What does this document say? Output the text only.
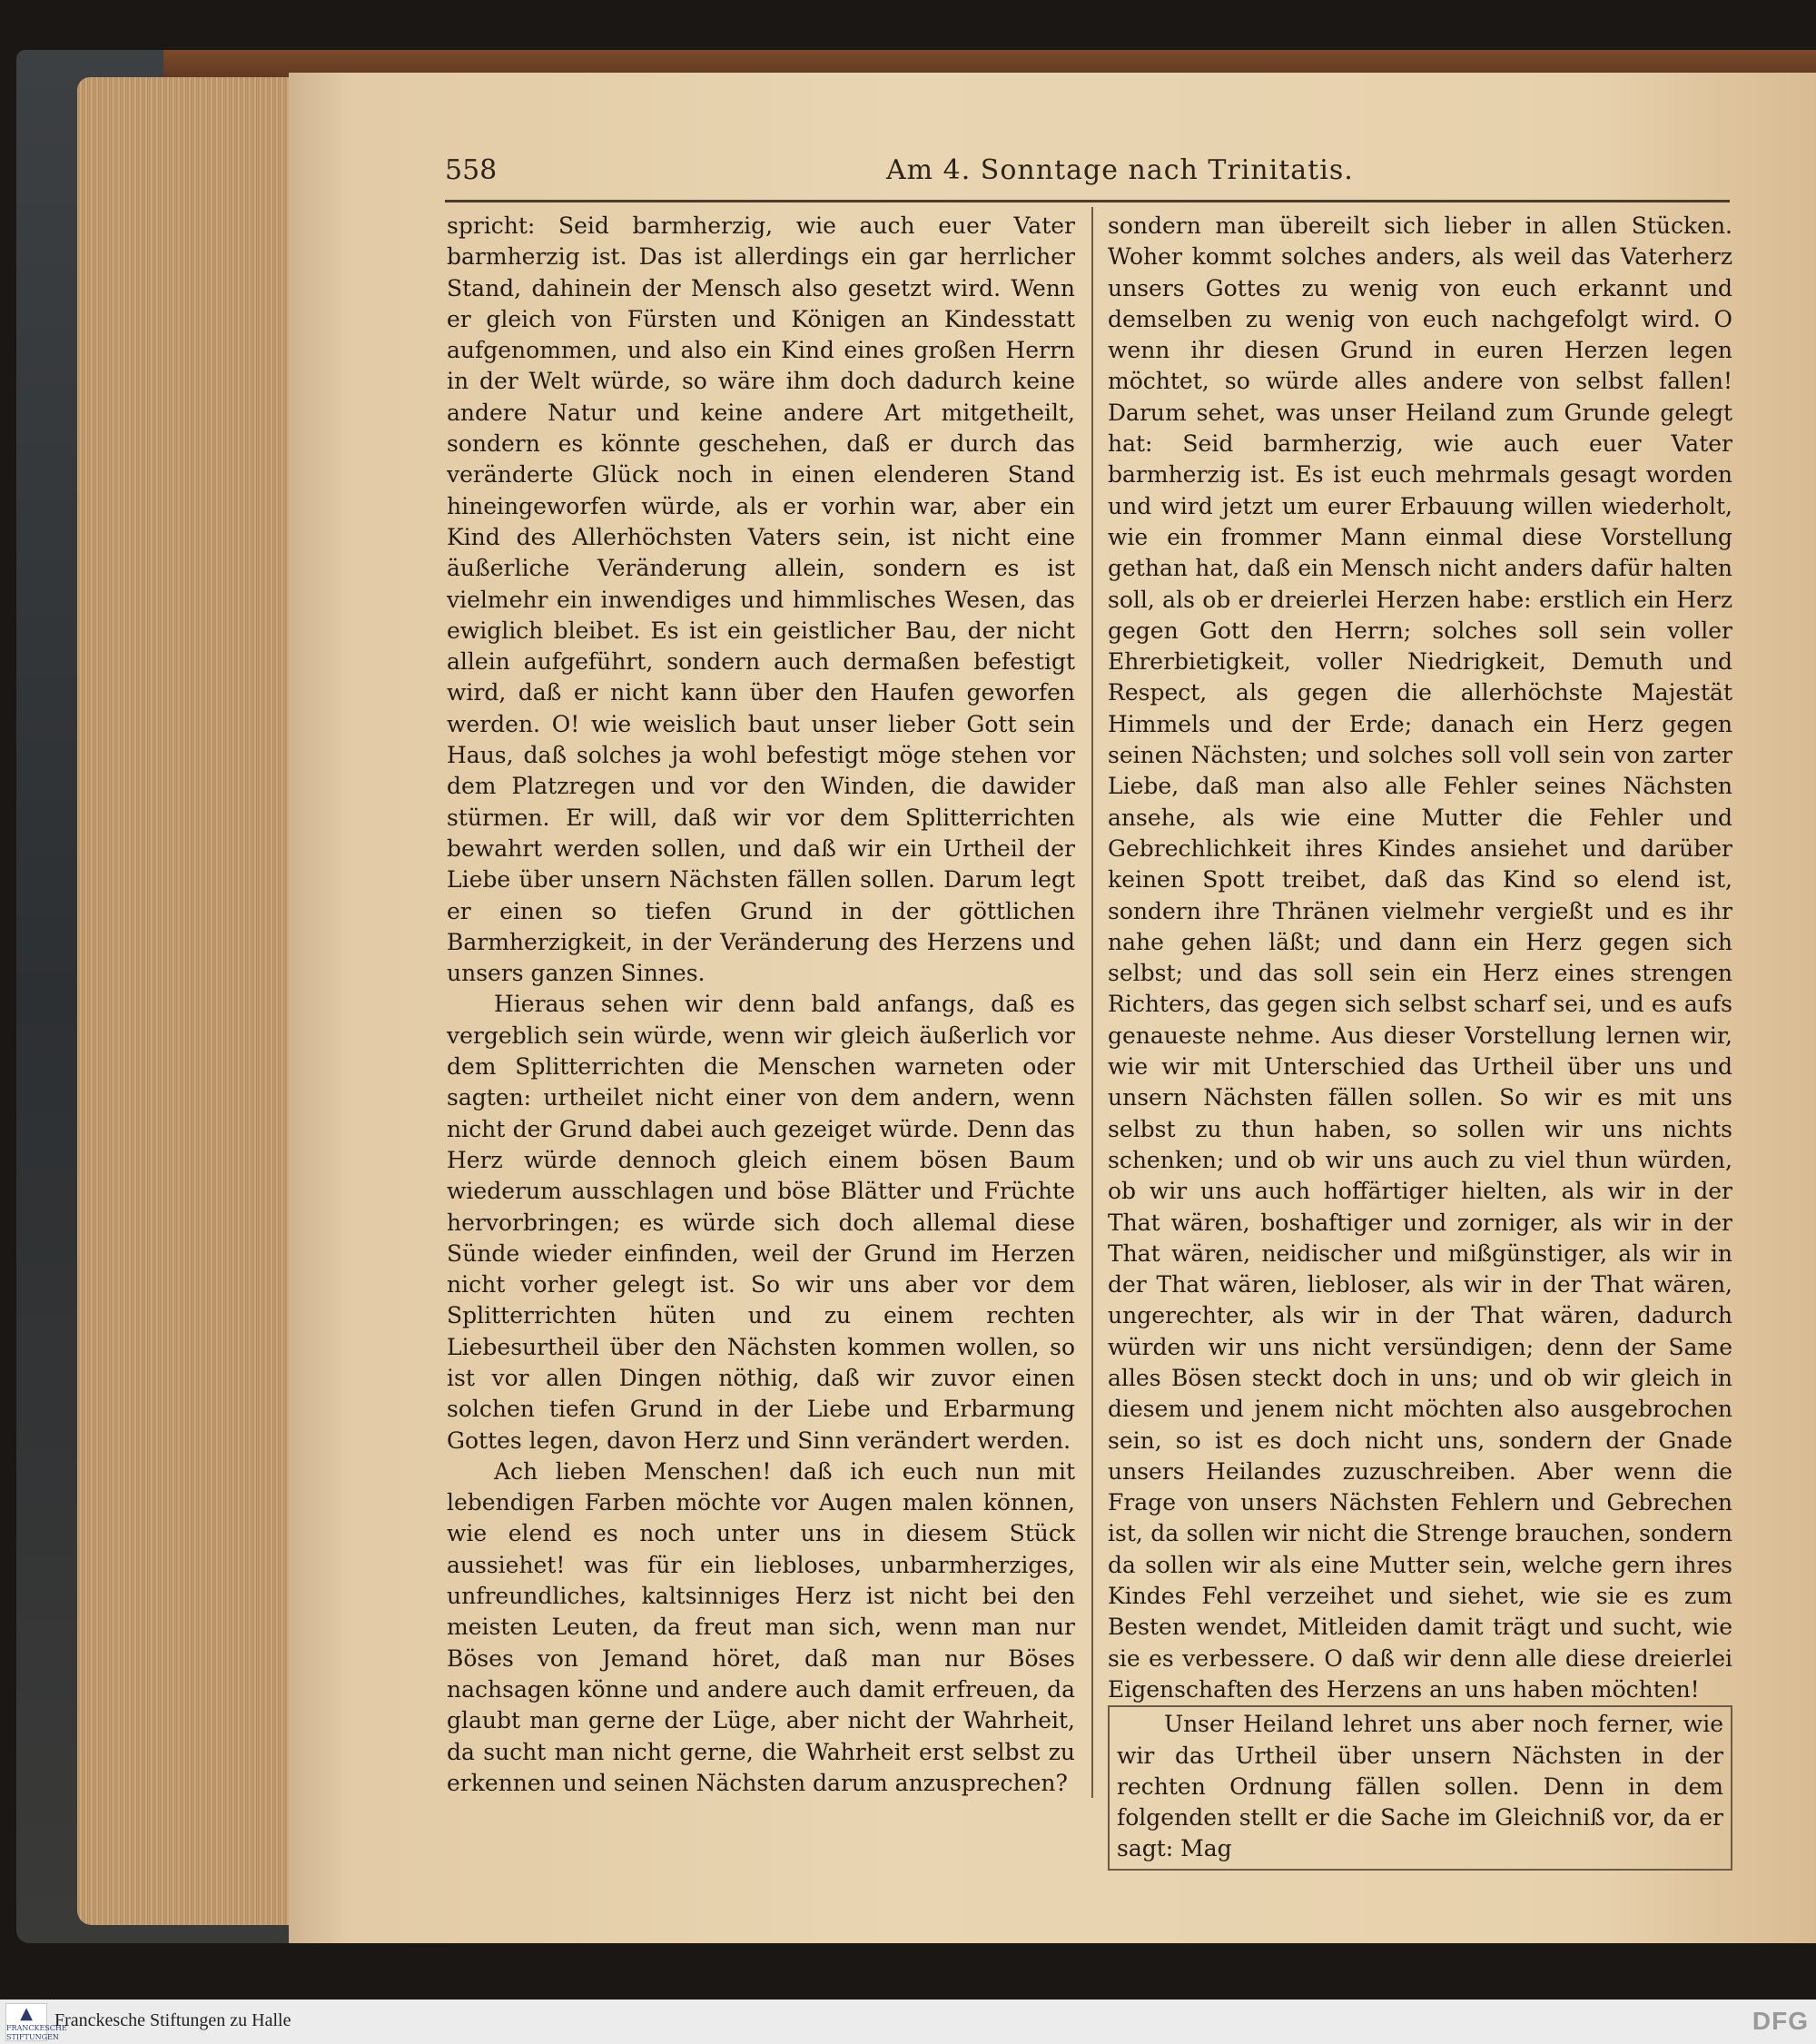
558	Am 4. Sonntage nach Trinitatis.

spricht: Seid barmherzig, wie auch euer Vater barmherzig ist. Das ist allerdings ein gar herrlicher Stand, dahinein der Mensch also gesetzt wird. Wenn er gleich von Fürsten und Königen an Kindesstatt aufgenommen, und also ein Kind eines großen Herrn in der Welt würde, so wäre ihm doch dadurch keine andere Natur und keine andere Art mitgetheilt, sondern es könnte geschehen, daß er durch das veränderte Glück noch in einen elenderen Stand hineingeworfen würde, als er vorhin war, aber ein Kind des Allerhöchsten Vaters sein, ist nicht eine äußerliche Veränderung allein, sondern es ist vielmehr ein inwendiges und himmlisches Wesen, das ewiglich bleibet. Es ist ein geistlicher Bau, der nicht allein aufgeführt, sondern auch dermaßen befestigt wird, daß er nicht kann über den Haufen geworfen werden. O! wie weislich baut unser lieber Gott sein Haus, daß solches ja wohl befestigt möge stehen vor dem Platzregen und vor den Winden, die dawider stürmen. Er will, daß wir vor dem Splitterrichten bewahrt werden sollen, und daß wir ein Urtheil der Liebe über unsern Nächsten fällen sollen. Darum legt er einen so tiefen Grund in der göttlichen Barmherzigkeit, in der Veränderung des Herzens und unsers ganzen Sinnes.

Hieraus sehen wir denn bald anfangs, daß es vergeblich sein würde, wenn wir gleich äußerlich vor dem Splitterrichten die Menschen warneten oder sagten: urtheilet nicht einer von dem andern, wenn nicht der Grund dabei auch gezeiget würde. Denn das Herz würde dennoch gleich einem bösen Baum wiederum ausschlagen und böse Blätter und Früchte hervorbringen; es würde sich doch allemal diese Sünde wieder einfinden, weil der Grund im Herzen nicht vorher gelegt ist. So wir uns aber vor dem Splitterrichten hüten und zu einem rechten Liebesurtheil über den Nächsten kommen wollen, so ist vor allen Dingen nöthig, daß wir zuvor einen solchen tiefen Grund in der Liebe und Erbarmung Gottes legen, davon Herz und Sinn verändert werden.

Ach lieben Menschen! daß ich euch nun mit lebendigen Farben möchte vor Augen malen können, wie elend es noch unter uns in diesem Stück aussiehet! was für ein liebloses, unbarmherziges, unfreundliches, kaltsinniges Herz ist nicht bei den meisten Leuten, da freut man sich, wenn man nur Böses von Jemand höret, daß man nur Böses nachsagen könne und andere auch damit erfreuen, da glaubt man gerne der Lüge, aber nicht der Wahrheit, da sucht man nicht gerne, die Wahrheit erst selbst zu erkennen und seinen Nächsten darum anzusprechen?

sondern man übereilt sich lieber in allen Stücken. Woher kommt solches anders, als weil das Vaterherz unsers Gottes zu wenig von euch erkannt und demselben zu wenig von euch nachgefolgt wird. O wenn ihr diesen Grund in euren Herzen legen möchtet, so würde alles andere von selbst fallen! Darum sehet, was unser Heiland zum Grunde gelegt hat: Seid barmherzig, wie auch euer Vater barmherzig ist. Es ist euch mehrmals gesagt worden und wird jetzt um eurer Erbauung willen wiederholt, wie ein frommer Mann einmal diese Vorstellung gethan hat, daß ein Mensch nicht anders dafür halten soll, als ob er dreierlei Herzen habe: erstlich ein Herz gegen Gott den Herrn; solches soll sein voller Ehrerbietigkeit, voller Niedrigkeit, Demuth und Respect, als gegen die allerhöchste Majestät Himmels und der Erde; danach ein Herz gegen seinen Nächsten; und solches soll voll sein von zarter Liebe, daß man also alle Fehler seines Nächsten ansehe, als wie eine Mutter die Fehler und Gebrechlichkeit ihres Kindes ansiehet und darüber keinen Spott treibet, daß das Kind so elend ist, sondern ihre Thränen vielmehr vergießt und es ihr nahe gehen läßt; und dann ein Herz gegen sich selbst; und das soll sein ein Herz eines strengen Richters, das gegen sich selbst scharf sei, und es aufs genaueste nehme. Aus dieser Vorstellung lernen wir, wie wir mit Unterschied das Urtheil über uns und unsern Nächsten fällen sollen. So wir es mit uns selbst zu thun haben, so sollen wir uns nichts schenken; und ob wir uns auch zu viel thun würden, ob wir uns auch hoffärtiger hielten, als wir in der That wären, boshaftiger und zorniger, als wir in der That wären, neidischer und mißgünstiger, als wir in der That wären, liebloser, als wir in der That wären, ungerechter, als wir in der That wären, dadurch würden wir uns nicht versündigen; denn der Same alles Bösen steckt doch in uns; und ob wir gleich in diesem und jenem nicht möchten also ausgebrochen sein, so ist es doch nicht uns, sondern der Gnade unsers Heilandes zuzuschreiben. Aber wenn die Frage von unsers Nächsten Fehlern und Gebrechen ist, da sollen wir nicht die Strenge brauchen, sondern da sollen wir als eine Mutter sein, welche gern ihres Kindes Fehl verzeihet und siehet, wie sie es zum Besten wendet, Mitleiden damit trägt und sucht, wie sie es verbessere. O daß wir denn alle diese dreierlei Eigenschaften des Herzens an uns haben möchten!

Unser Heiland lehret uns aber noch ferner, wie wir das Urtheil über unsern Nächsten in der rechten Ordnung fällen sollen. Denn in dem folgenden stellt er die Sache im Gleichniß vor, da er sagt: Mag

▲
FRANCKESCHE STIFTUNGEN
Franckesche Stiftungen zu Halle	DFG
